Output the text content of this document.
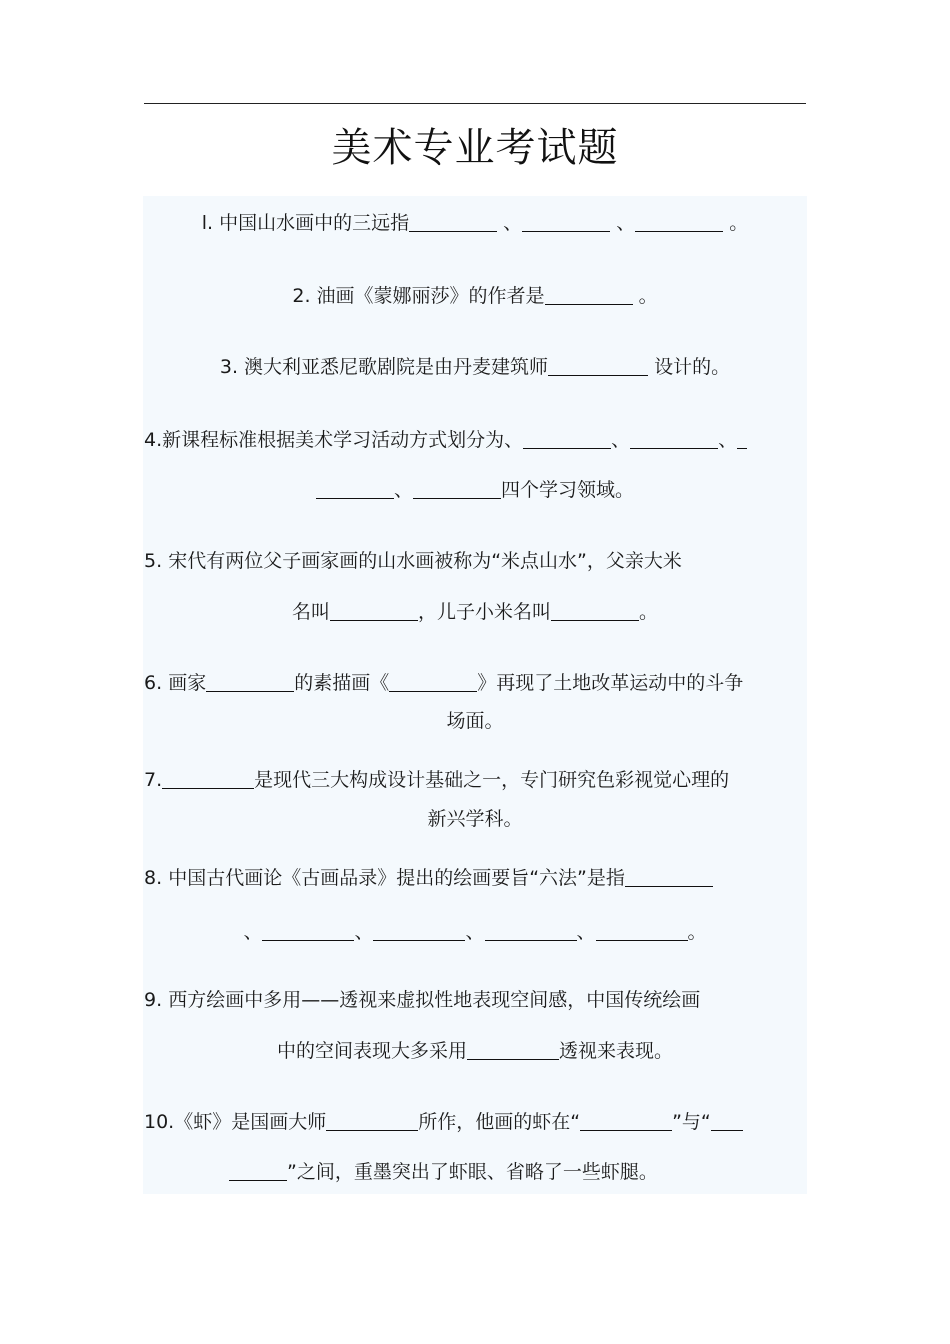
美术专业考试题
l. 中国山水画中的三远指	、	、	。
2. 油画《蒙娜丽莎》的作者是	。
3. 澳大利亚悉尼歌剧院是由丹麦建筑师	设计的。
4.新课程标准根据美术学习活动方式划分为、	、	、
、	四个学习领域。
5. 宋代有两位父子画家画的山水画被称为“米点山水”，父亲大米
名叫	，儿子小米名叫	。
6. 画家	的素描画《	》再现了土地改革运动中的斗争
场面。
7.	是现代三大构成设计基础之一，专门研究色彩视觉心理的
新兴学科。
8. 中国古代画论《古画品录》提出的绘画要旨“六法”是指
、	、	、	、	。
9. 西方绘画中多用——透视来虚拟性地表现空间感，中国传统绘画
中的空间表现大多采用	透视来表现。
10.《虾》是国画大师	所作，他画的虾在“	”与“
”之间，重墨突出了虾眼、省略了一些虾腿。
